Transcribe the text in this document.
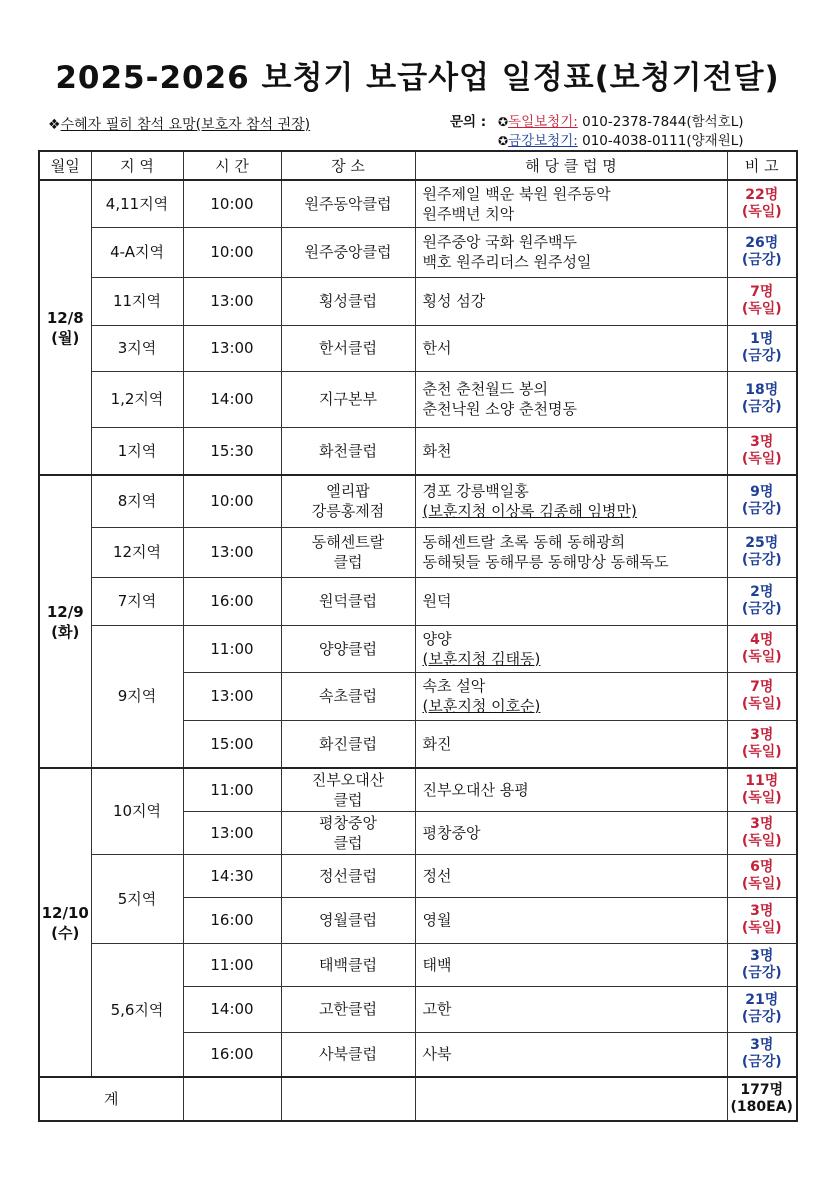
2025-2026 보청기 보급사업 일정표(보청기전달)
❖수혜자 필히 참석 요망(보호자 참석 권장)	문의 : ✪독일보청기: 010-2378-7844(함석호L)
✪금강보청기: 010-4038-0111(양재원L)
월일	지 역	시 간	장 소	해 당 클 럽 명	비 고
12/8
(월)	4,11지역	10:00	원주동악클럽	원주제일 백운 북원 원주동악
원주백년 치악	22명
(독일)
	4-A지역	10:00	원주중앙클럽	원주중앙 국화 원주백두
백호 원주리더스 원주성일	26명
(금강)
	11지역	13:00	횡성클럽	횡성 섬강	7명
(독일)
	3지역	13:00	한서클럽	한서	1명
(금강)
	1,2지역	14:00	지구본부	춘천 춘천월드 봉의
춘천낙원 소양 춘천명동	18명
(금강)
	1지역	15:30	화천클럽	화천	3명
(독일)
12/9
(화)	8지역	10:00	엘리팝
강릉홍제점	경포 강릉백일홍
(보훈지청 이상록 김종해 임병만)	9명
(금강)
	12지역	13:00	동해센트랄
클럽	동해센트랄 초록 동해 동해광희
동해뒷들 동해무릉 동해망상 동해독도	25명
(금강)
	7지역	16:00	원덕클럽	원덕	2명
(금강)
	9지역	11:00	양양클럽	양양
(보훈지청 김태동)	4명
(독일)
		13:00	속초클럽	속초 설악
(보훈지청 이호순)	7명
(독일)
		15:00	화진클럽	화진	3명
(독일)
12/10
(수)	10지역	11:00	진부오대산
클럽	진부오대산 용평	11명
(독일)
		13:00	평창중앙
클럽	평창중앙	3명
(독일)
	5지역	14:30	정선클럽	정선	6명
(독일)
		16:00	영월클럽	영월	3명
(독일)
	5,6지역	11:00	태백클럽	태백	3명
(금강)
		14:00	고한클럽	고한	21명
(금강)
		16:00	사북클럽	사북	3명
(금강)
계					177명
(180EA)
